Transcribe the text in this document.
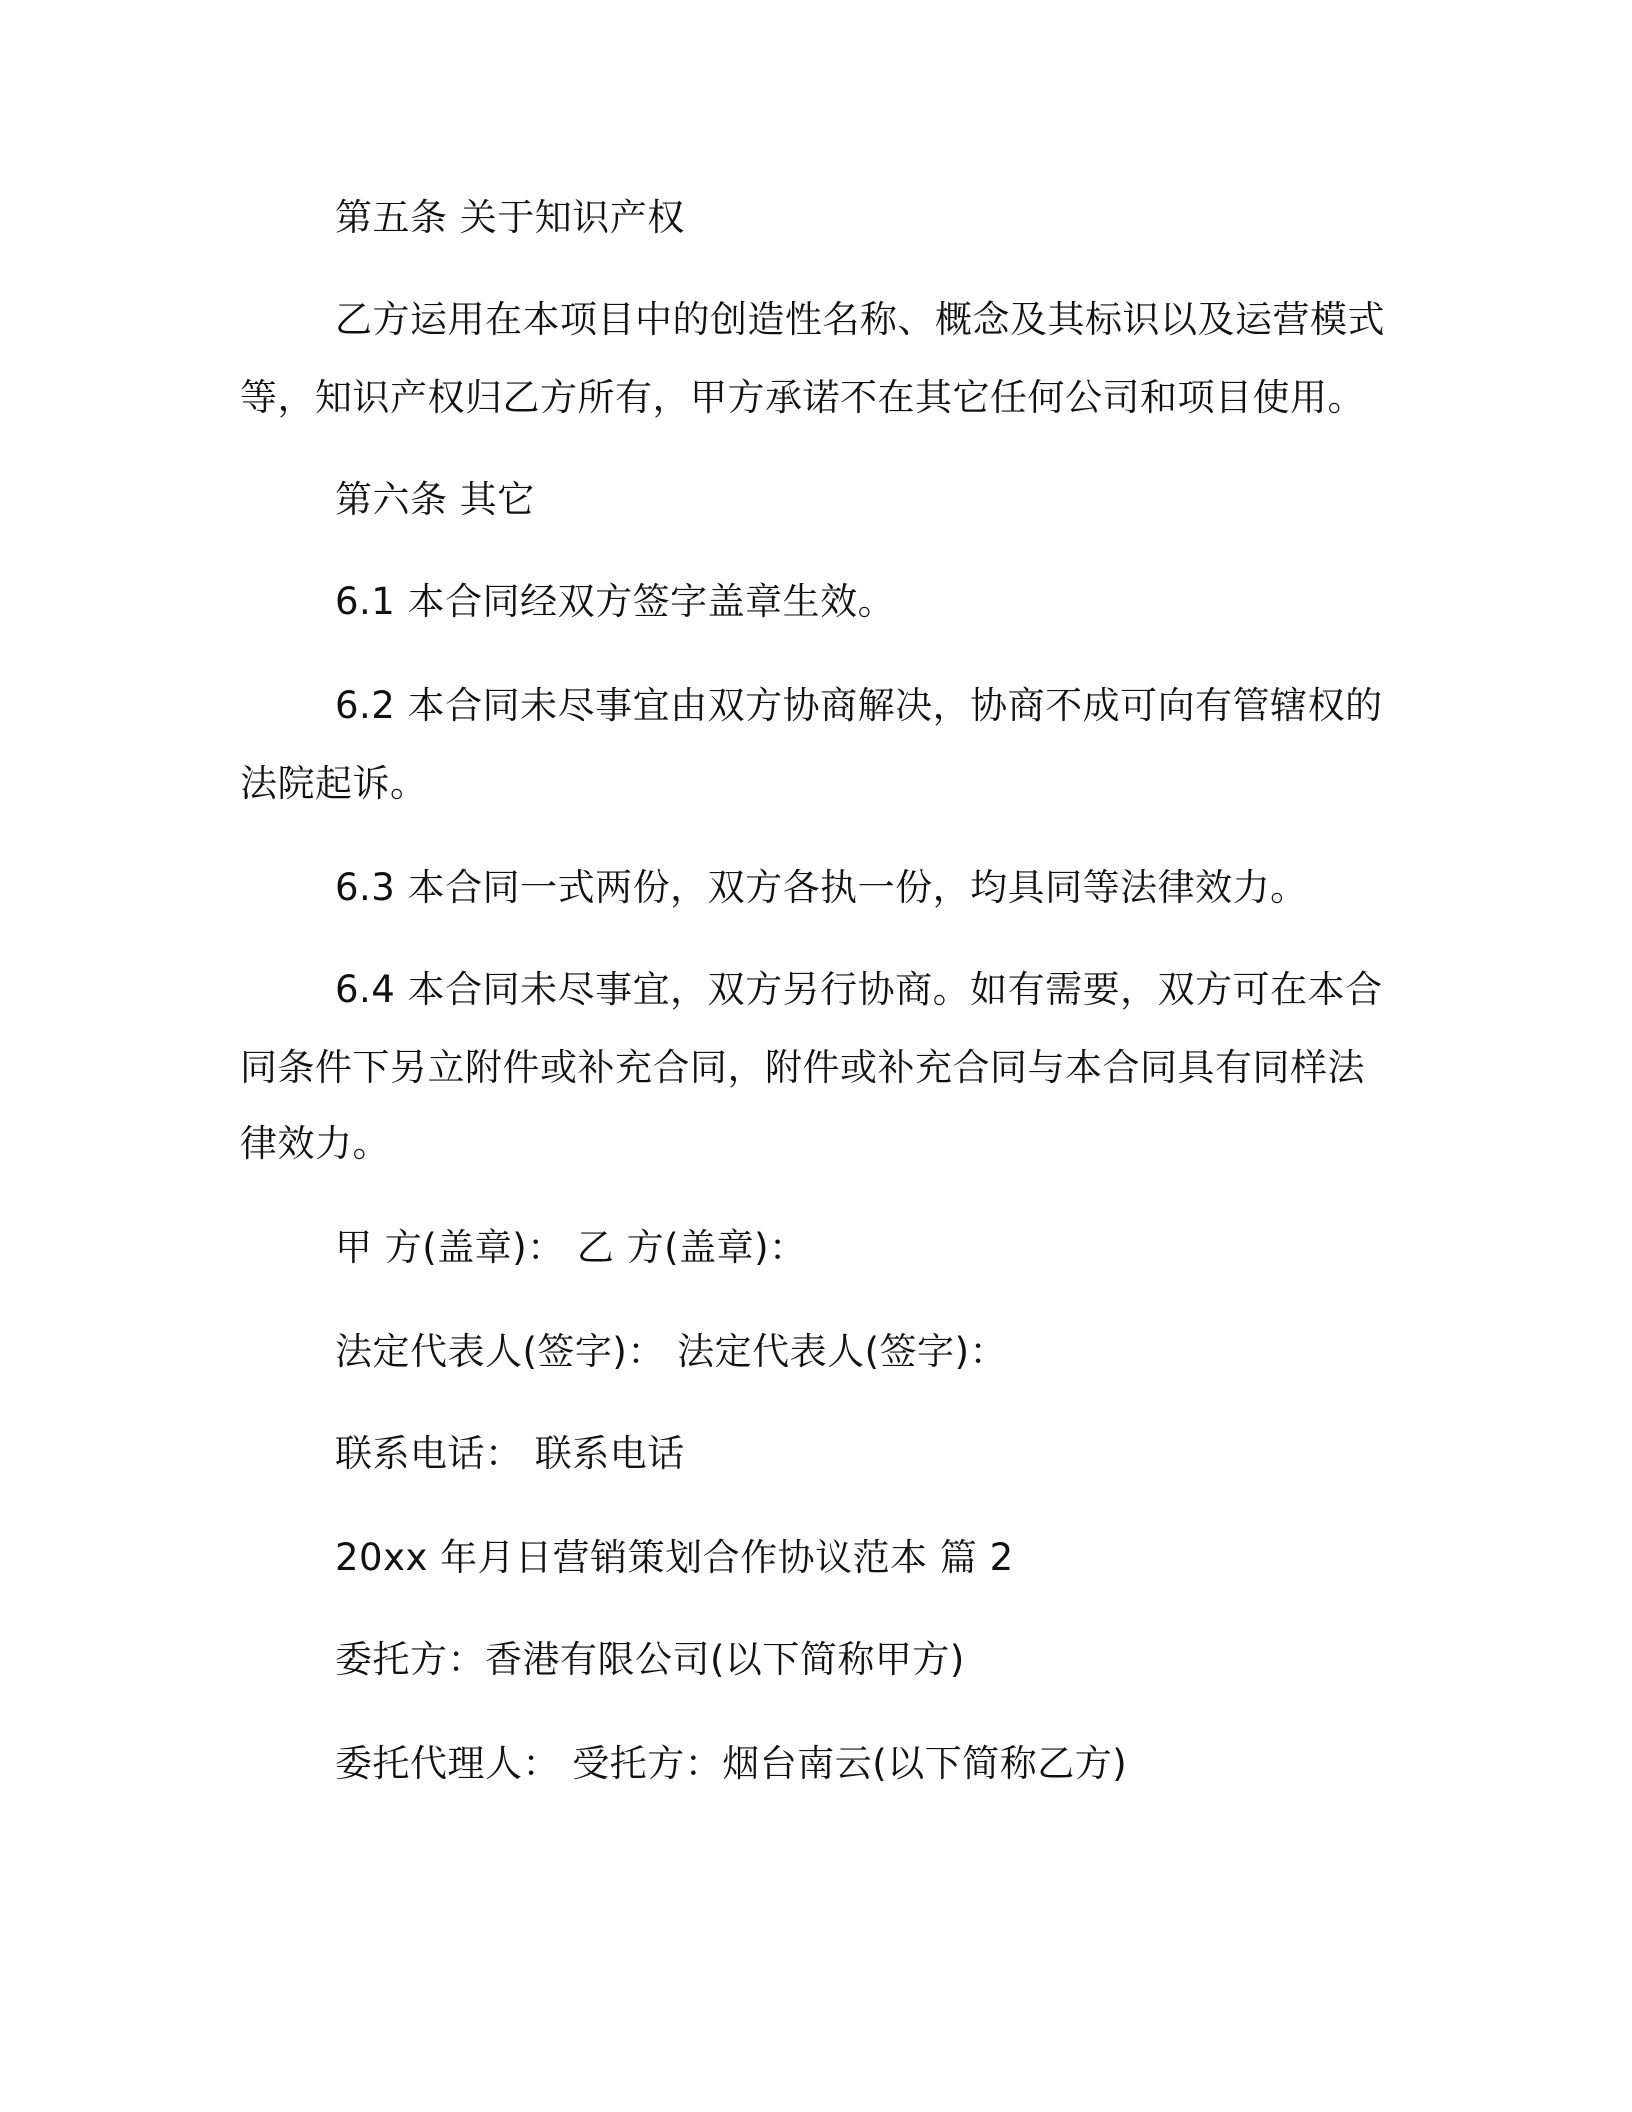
第五条 关于知识产权
乙方运用在本项目中的创造性名称、概念及其标识以及运营模式
等，知识产权归乙方所有，甲方承诺不在其它任何公司和项目使用。
第六条 其它
6.1 本合同经双方签字盖章生效。
6.2 本合同未尽事宜由双方协商解决，协商不成可向有管辖权的
法院起诉。
6.3 本合同一式两份，双方各执一份，均具同等法律效力。
6.4 本合同未尽事宜，双方另行协商。如有需要，双方可在本合
同条件下另立附件或补充合同，附件或补充合同与本合同具有同样法
律效力。
甲 方(盖章)： 乙 方(盖章)：
法定代表人(签字)： 法定代表人(签字)：
联系电话： 联系电话
20xx 年月日营销策划合作协议范本 篇 2
委托方：香港有限公司(以下简称甲方)
委托代理人： 受托方：烟台南云(以下简称乙方)
